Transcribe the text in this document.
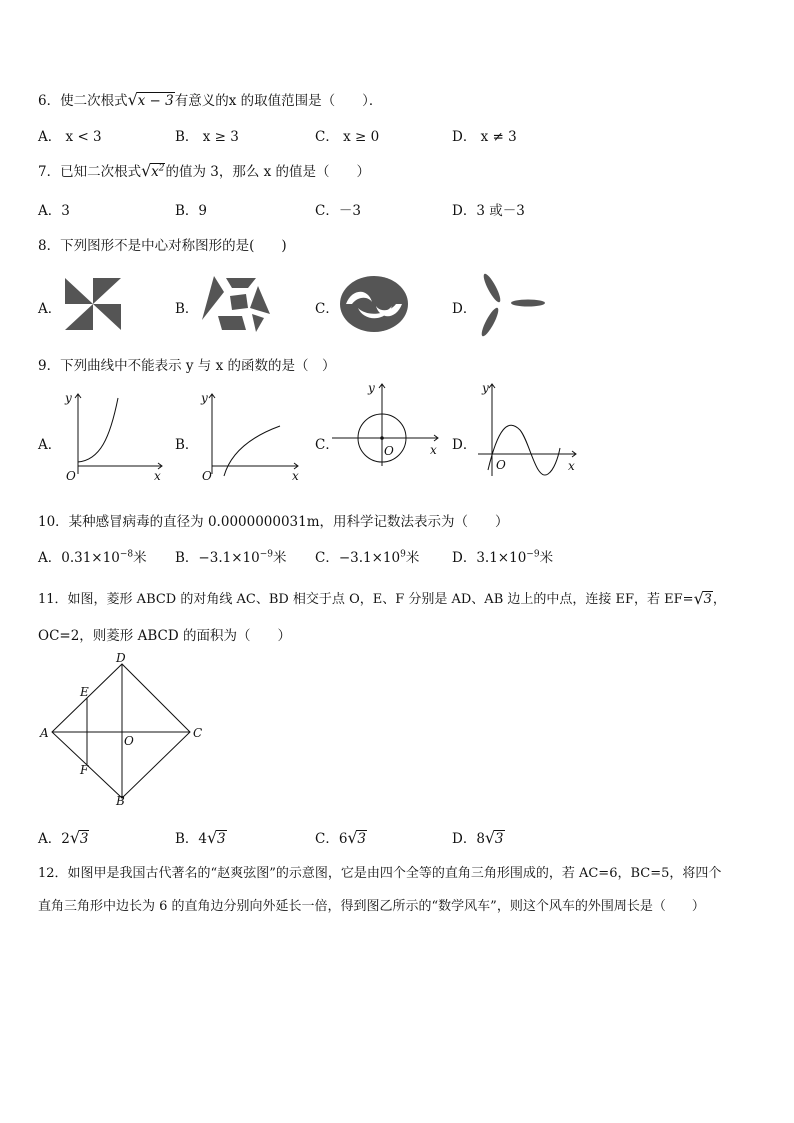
6．使二次根式 √ x − 3有意义的x 的取值范围是（　　）．
A． x < 3	B． x ≥ 3	C． x ≥ 0	D． x ≠ 3
7．已知二次根式 √ $x^2$的值为 3，那么 x 的值是（　　）
A．3	B．9	C．－3	D．3 或－3
8．下列图形不是中心对称图形的是(　　)
A．	B．	C．	D．
9．下列曲线中不能表示 y 与 x 的函数的是（　）
A．	B．	C．	D．
y
x
O
y
x
O
y
x
O
y
x
O
10．某种感冒病毒的直径为 0.0000000031m，用科学记数法表示为（　　）
A．$0.31\times 10^{-8}$米 B．$-3.1\times 10^{-9}$米 C．$-3.1\times 10^9$米 D．$3.1\times 10^{-9}$米
11．如图，菱形 ABCD 的对角线 AC、BD 相交于点 O，E、F 分别是 AD、AB 边上的中点，连接 EF，若 EF= √ 3，
OC=2，则菱形 ABCD 的面积为（　　）
A
B
C
D
E
F
O
A．2 √ 3	B．4 √ 3	C．6 √ 3	D．8 √ 3
12．如图甲是我国古代著名的“赵爽弦图”的示意图，它是由四个全等的直角三角形围成的，若 AC=6，BC=5，将四个
直角三角形中边长为 6 的直角边分别向外延长一倍，得到图乙所示的“数学风车”，则这个风车的外围周长是（　　）
